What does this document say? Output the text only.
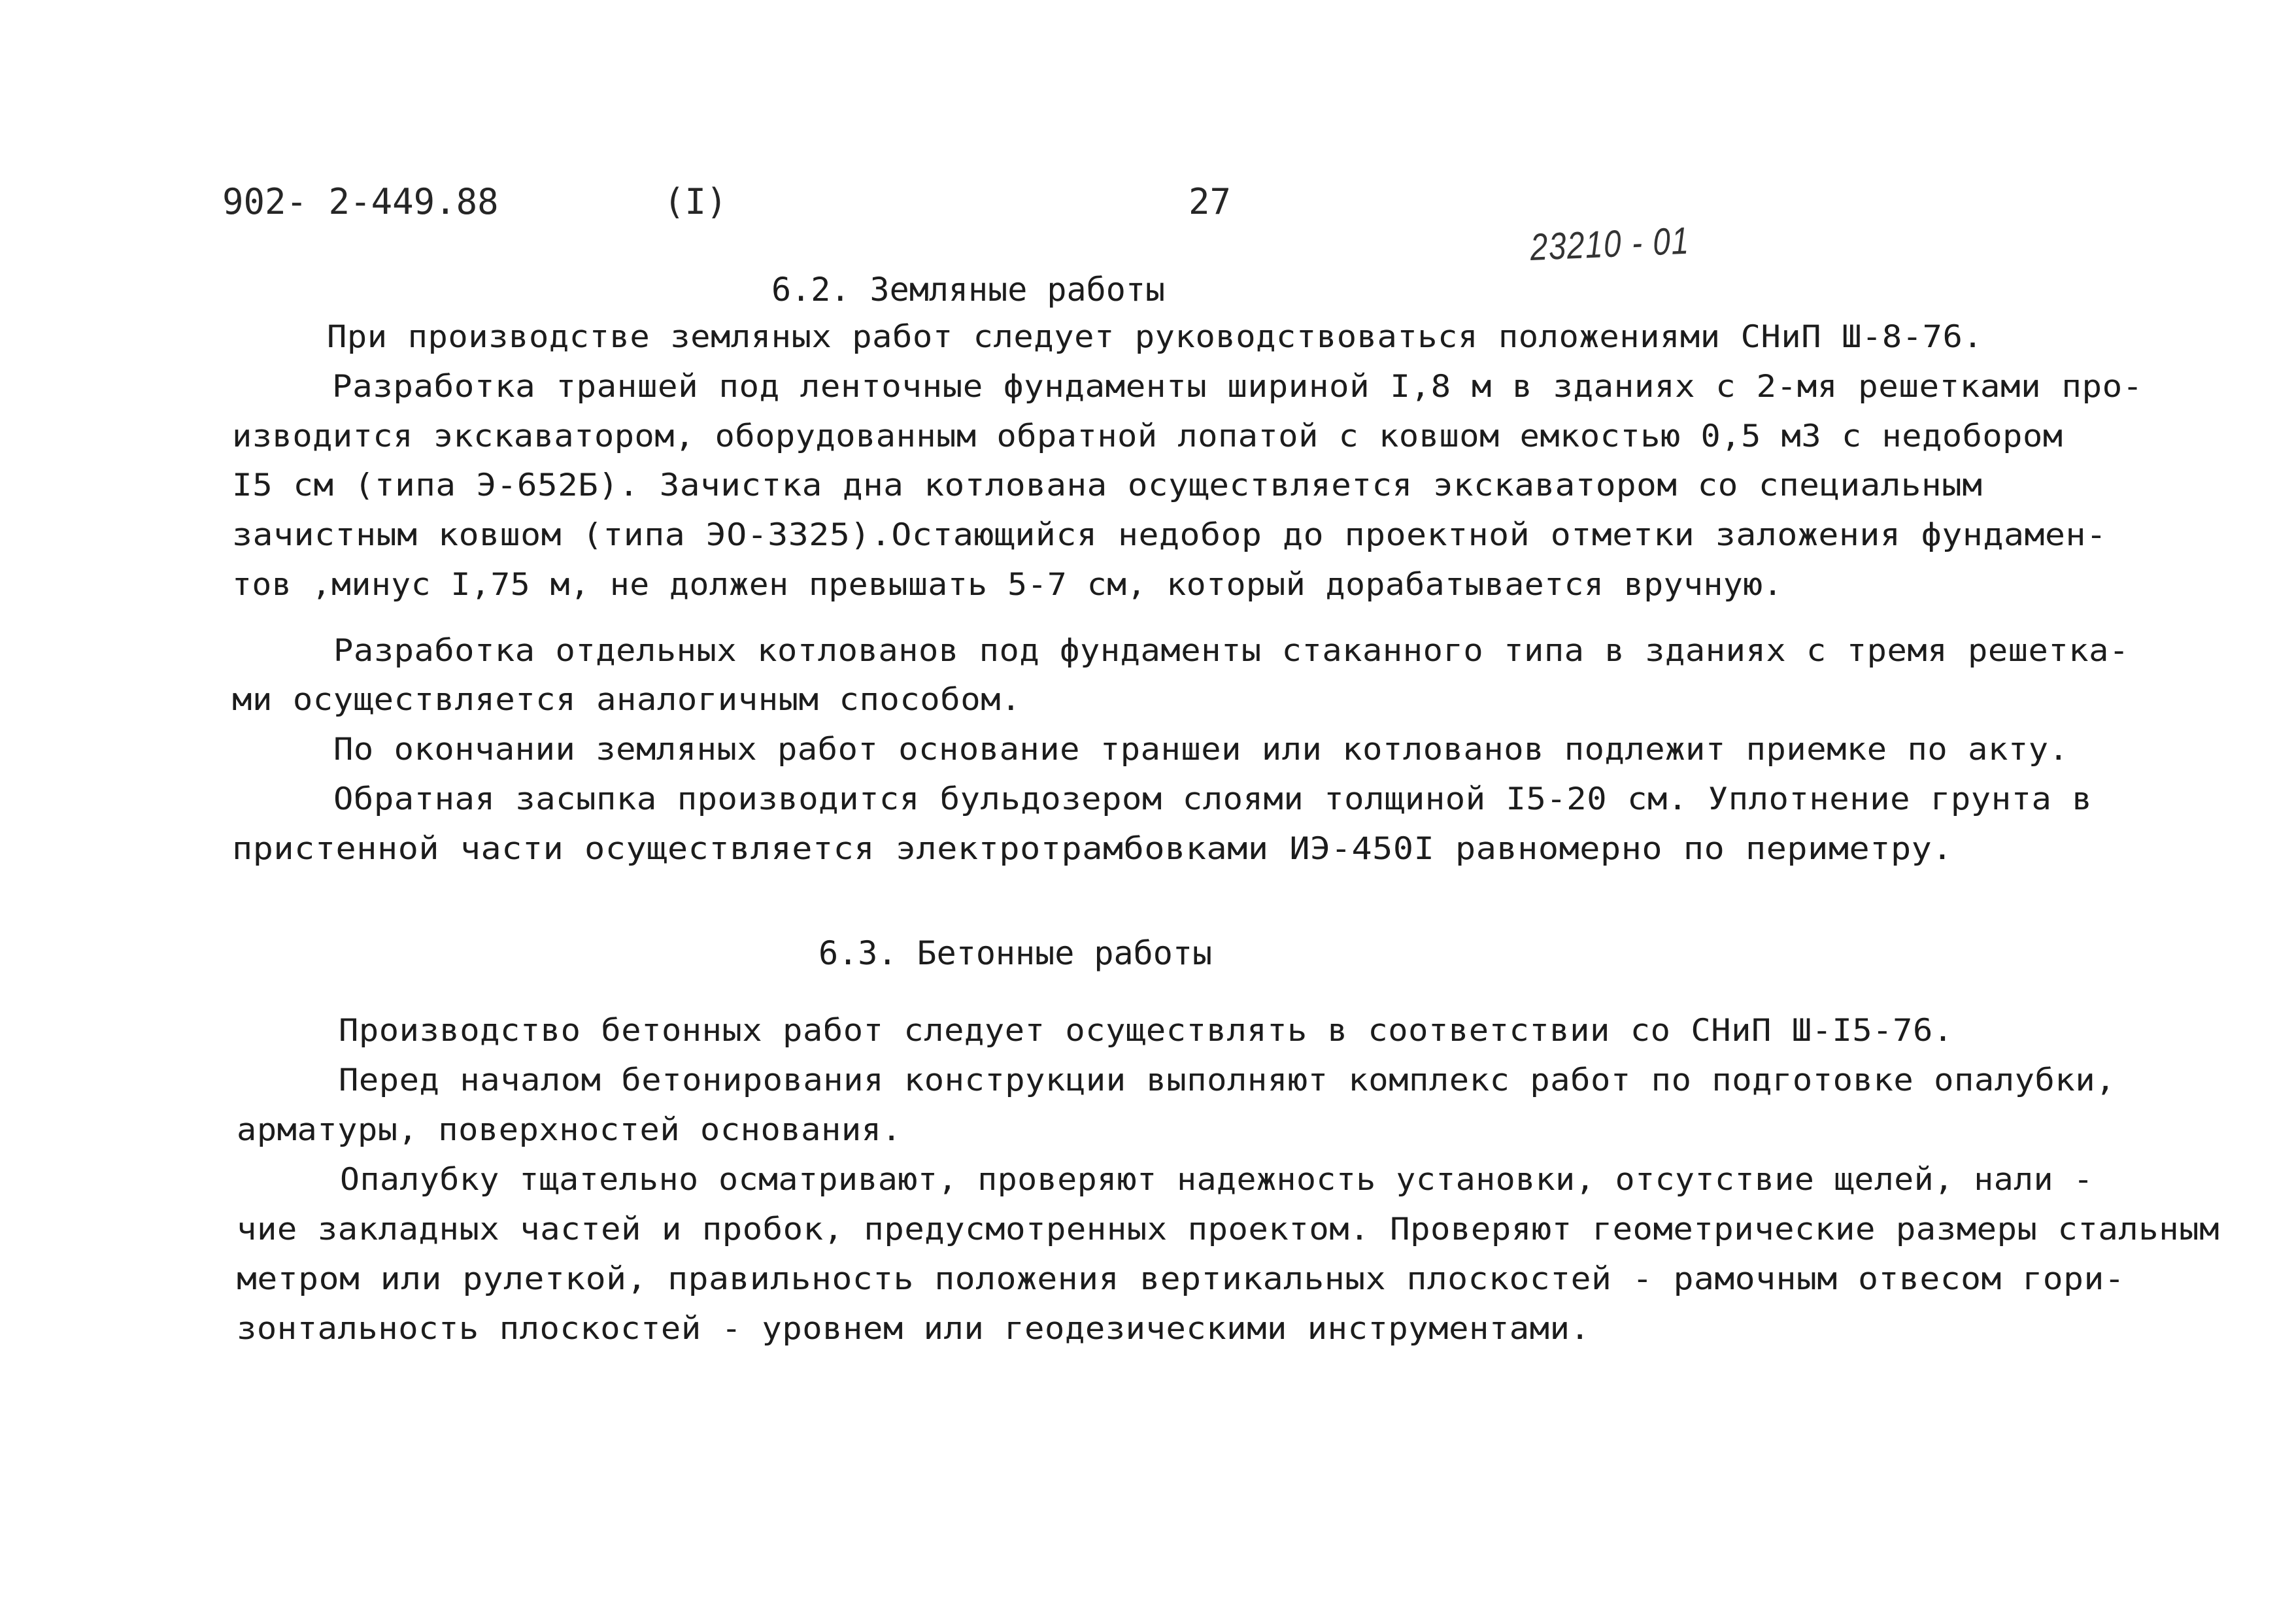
902- 2-449.88	(I)	27
23210 - 01
6.2. Земляные работы
При производстве земляных работ следует руководствоваться положениями СНиП Ш-8-76.
Разработка траншей под ленточные фундаменты шириной I,8 м в зданиях с 2-мя решетками про-
изводится экскаватором, оборудованным обратной лопатой с ковшом емкостью 0,5 м3 с недобором
I5 см (типа Э-652Б). Зачистка дна котлована осуществляется экскаватором со специальным
зачистным ковшом (типа ЭО-3325).Остающийся недобор до проектной отметки заложения фундамен-
тов ,минус I,75 м, не должен превышать 5-7 см, который дорабатывается вручную.
Разработка отдельных котлованов под фундаменты стаканного типа в зданиях с тремя решетка-
ми осуществляется аналогичным способом.
По окончании земляных работ основание траншеи или котлованов подлежит приемке по акту.
Обратная засыпка производится бульдозером слоями толщиной I5-20 см. Уплотнение грунта в
пристенной части осуществляется электротрамбовками ИЭ-450I равномерно по периметру.
6.3. Бетонные работы
Производство бетонных работ следует осуществлять в соответствии со СНиП Ш-I5-76.
Перед началом бетонирования конструкции выполняют комплекс работ по подготовке опалубки,
арматуры, поверхностей основания.
Опалубку тщательно осматривают, проверяют надежность установки, отсутствие щелей, нали -
чие закладных частей и пробок, предусмотренных проектом. Проверяют геометрические размеры стальным
метром или рулеткой, правильность положения вертикальных плоскостей - рамочным отвесом гори-
зонтальность плоскостей - уровнем или геодезическими инструментами.
